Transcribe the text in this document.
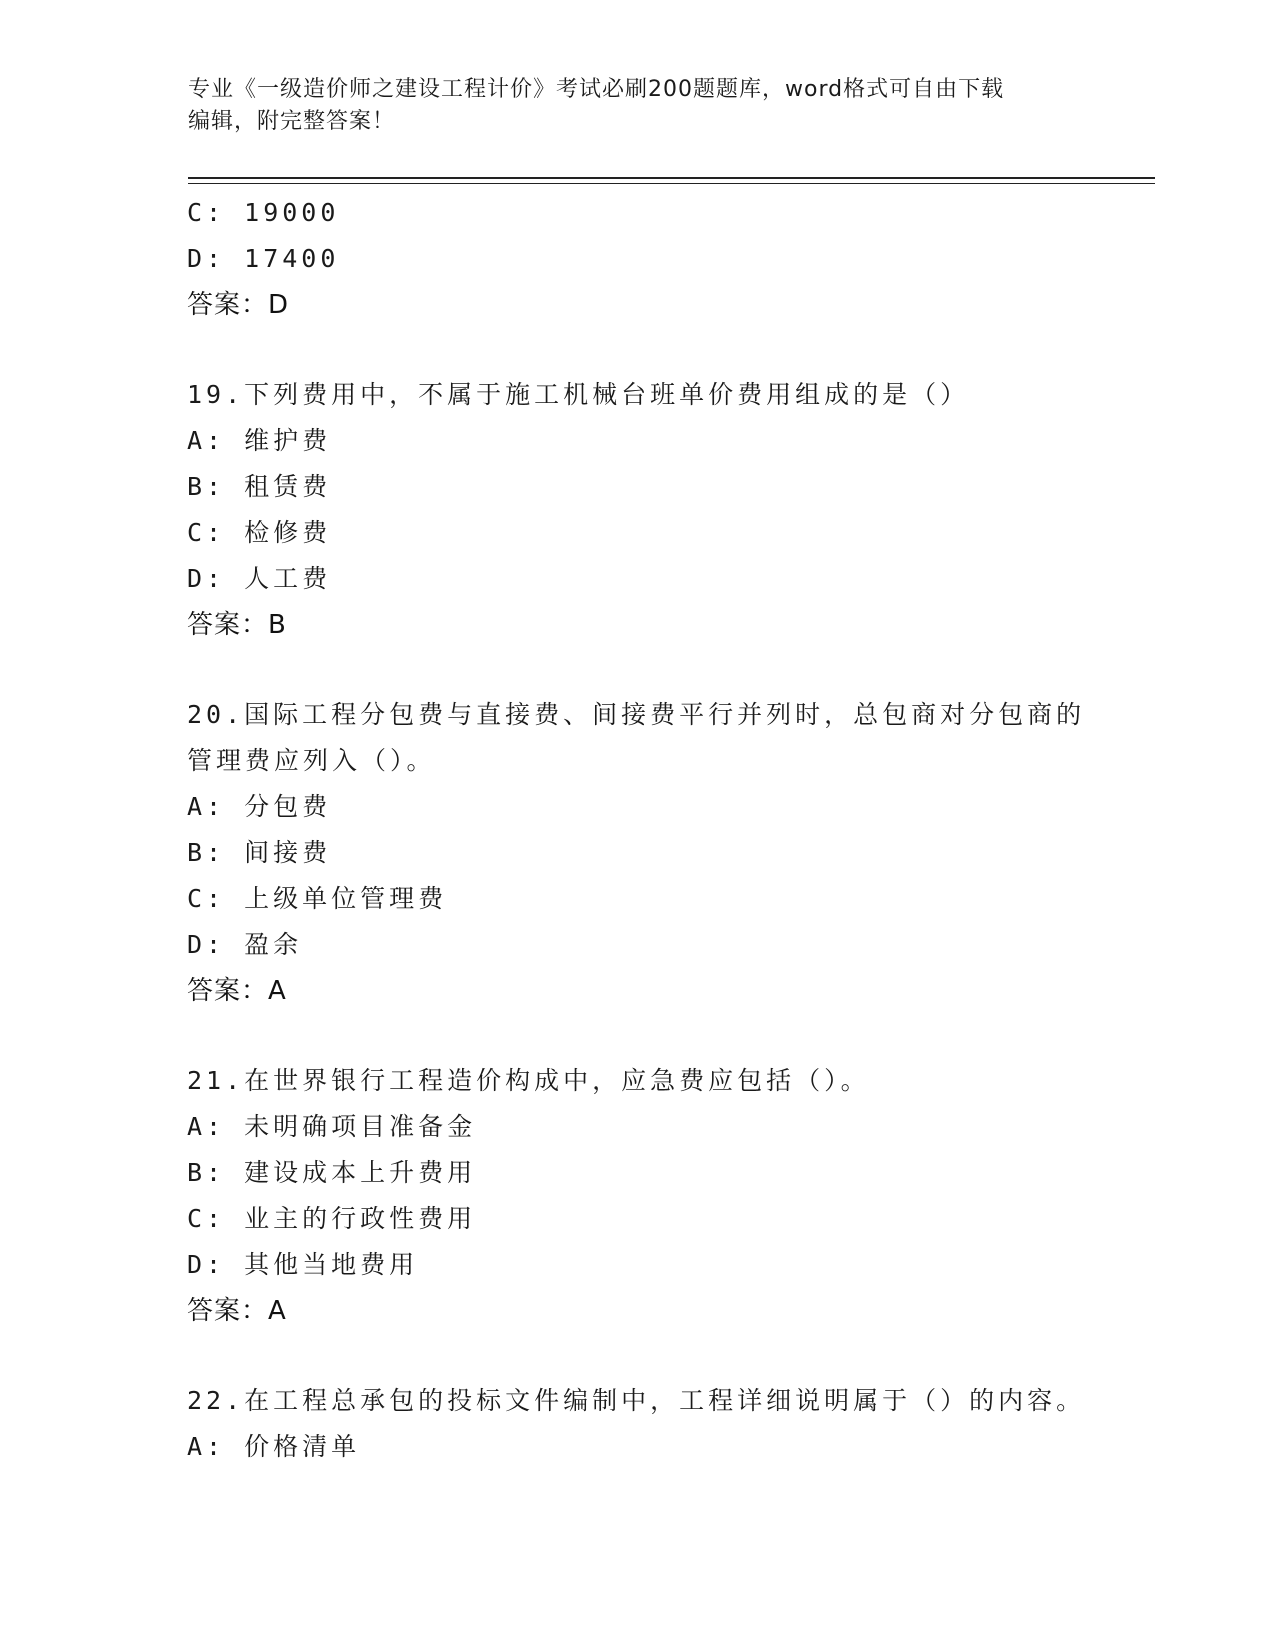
专业《一级造价师之建设工程计价》考试必刷200题题库，word格式可自由下载
编辑，附完整答案！
C: 19000
D: 17400
答案：D
19.下列费用中，不属于施工机械台班单价费用组成的是（）
A: 维护费
B: 租赁费
C: 检修费
D: 人工费
答案：B
20.国际工程分包费与直接费、间接费平行并列时，总包商对分包商的
管理费应列入（）。
A: 分包费
B: 间接费
C: 上级单位管理费
D: 盈余
答案：A
21.在世界银行工程造价构成中，应急费应包括（）。
A: 未明确项目准备金
B: 建设成本上升费用
C: 业主的行政性费用
D: 其他当地费用
答案：A
22.在工程总承包的投标文件编制中，工程详细说明属于（）的内容。
A: 价格清单
